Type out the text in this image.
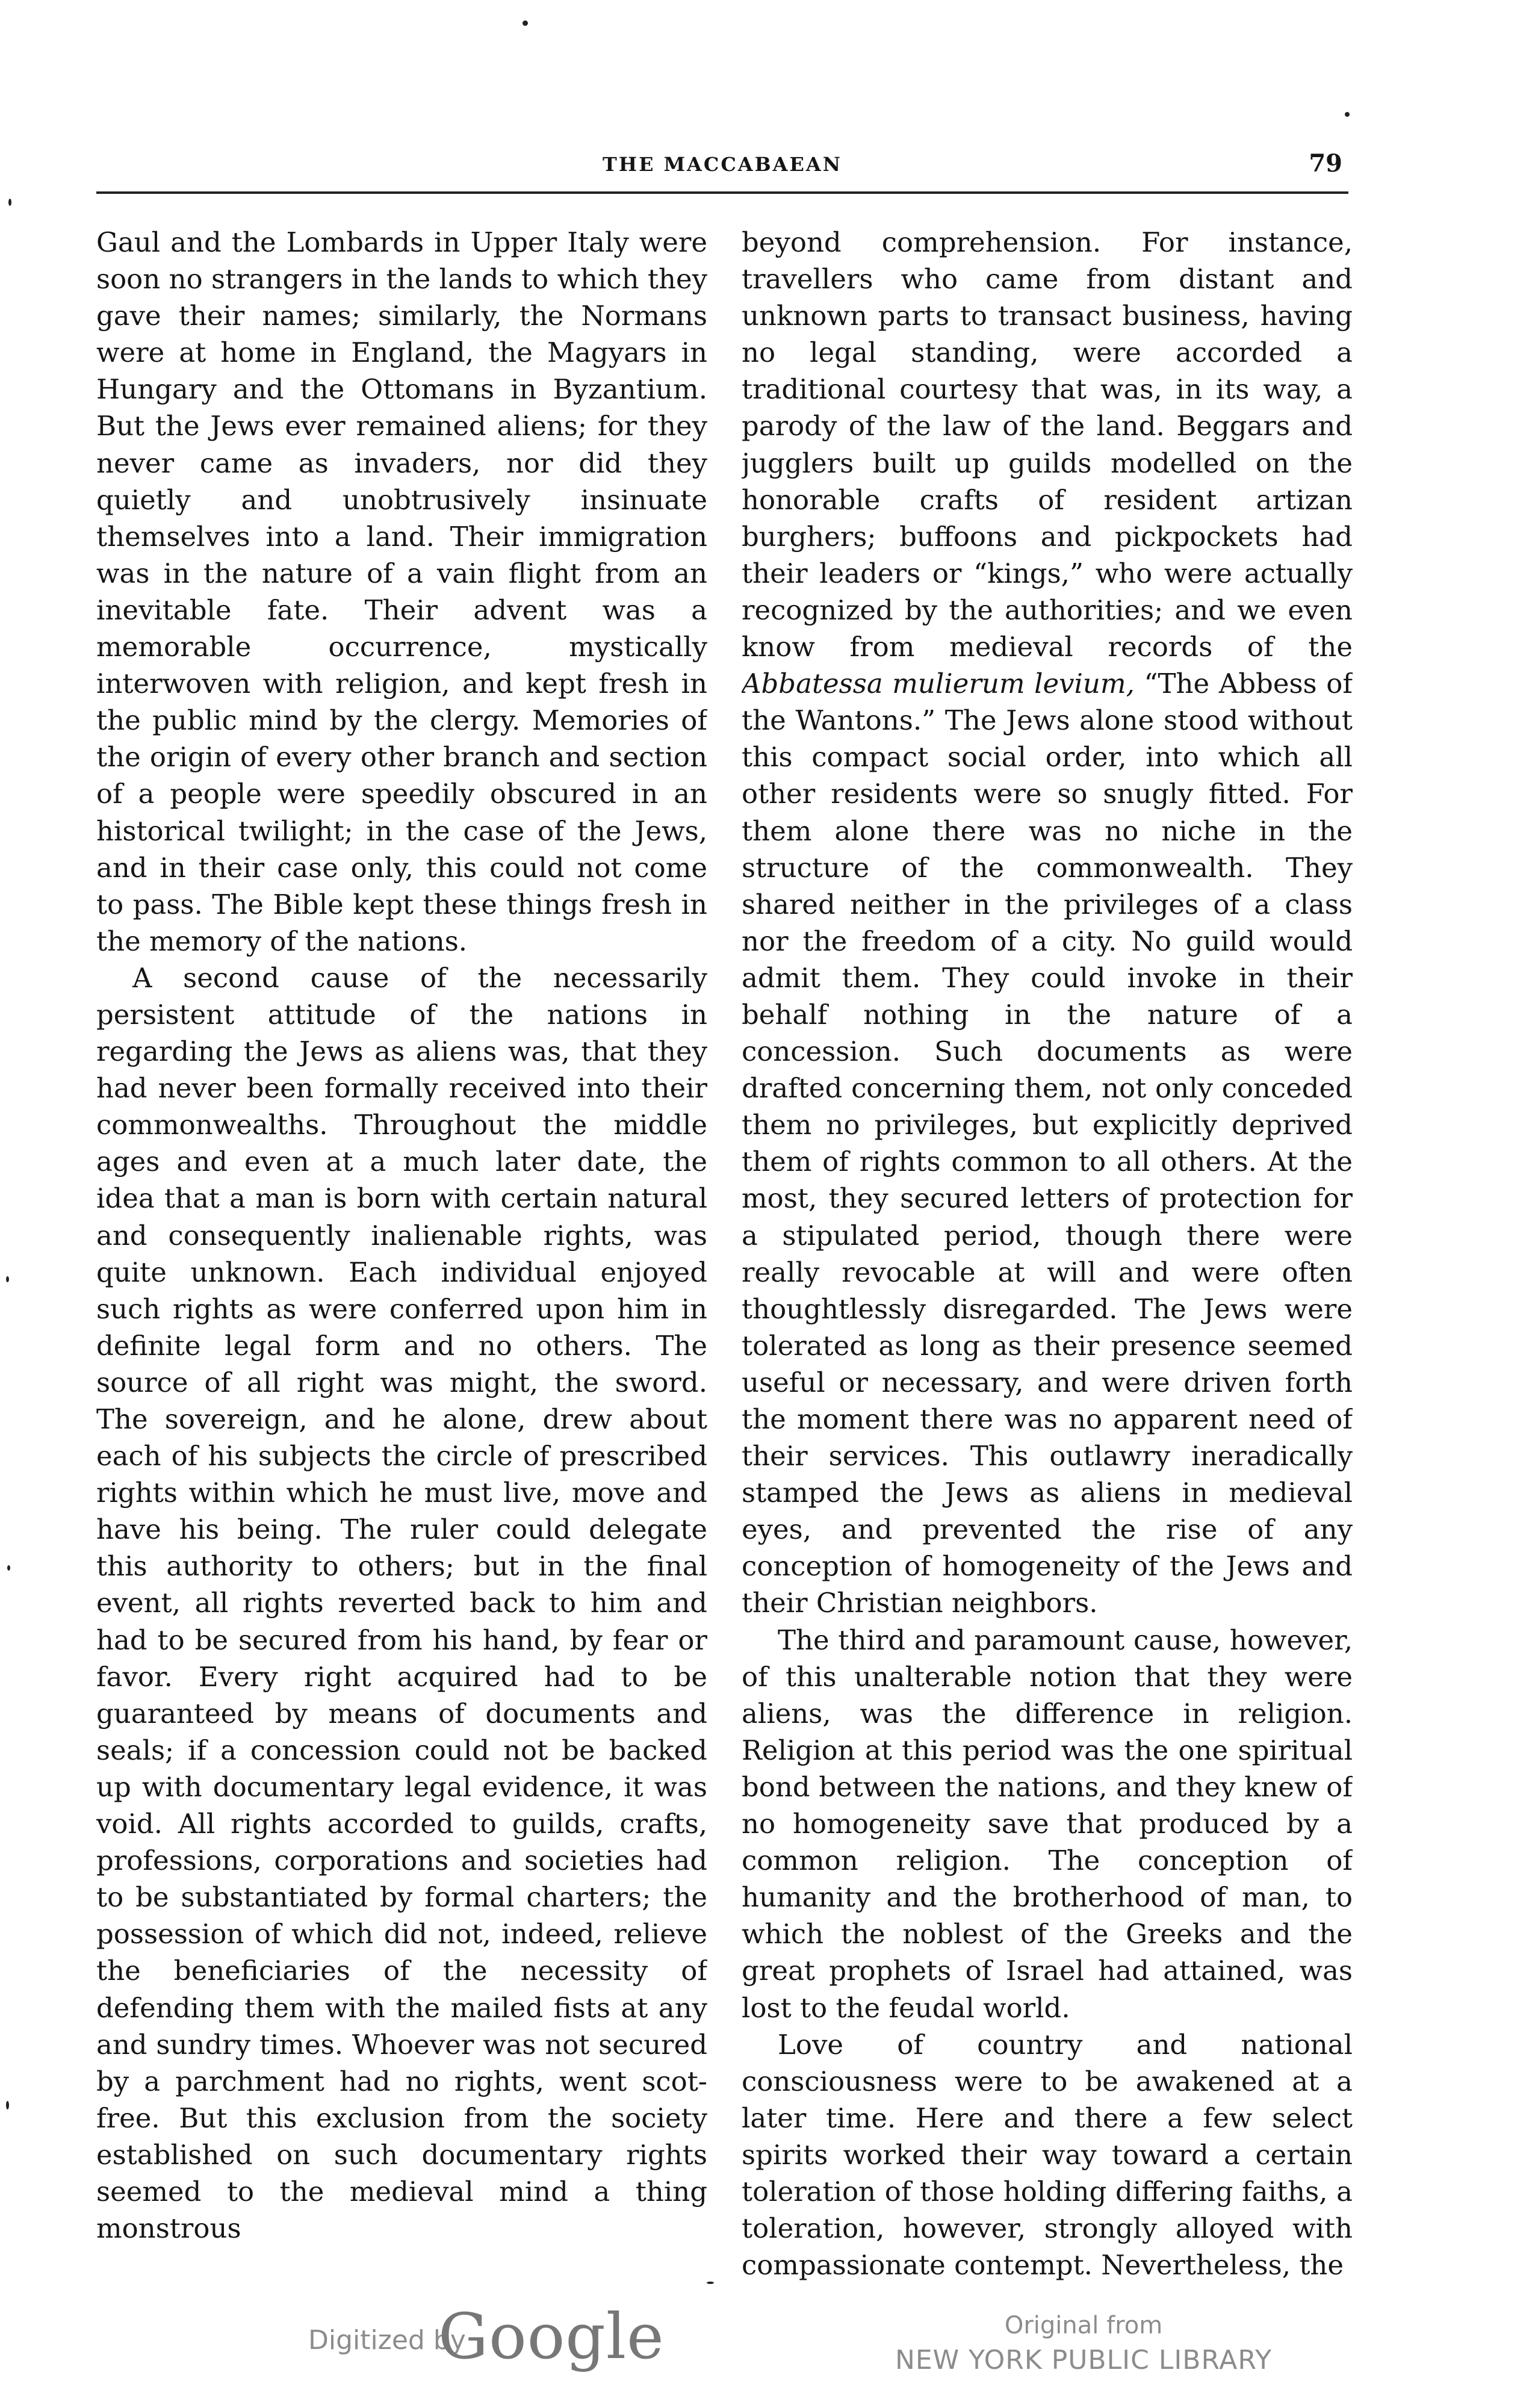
THE MACCABAEAN	79

Gaul and the Lombards in Upper Italy were soon no strangers in the lands to which they gave their names; similarly, the Normans were at home in England, the Magyars in Hungary and the Ottomans in Byzantium. But the Jews ever remained aliens; for they never came as invaders, nor did they quietly and unobtrusively insinuate themselves into a land. Their immigration was in the nature of a vain flight from an inevitable fate. Their advent was a memorable occurrence, mystically interwoven with religion, and kept fresh in the public mind by the clergy. Memories of the origin of every other branch and section of a people were speedily obscured in an historical twilight; in the case of the Jews, and in their case only, this could not come to pass. The Bible kept these things fresh in the memory of the nations.

A second cause of the necessarily persistent attitude of the nations in regarding the Jews as aliens was, that they had never been formally received into their commonwealths. Throughout the middle ages and even at a much later date, the idea that a man is born with certain natural and consequently inalienable rights, was quite unknown. Each individual enjoyed such rights as were conferred upon him in definite legal form and no others. The source of all right was might, the sword. The sovereign, and he alone, drew about each of his subjects the circle of prescribed rights within which he must live, move and have his being. The ruler could delegate this authority to others; but in the final event, all rights reverted back to him and had to be secured from his hand, by fear or favor. Every right acquired had to be guaranteed by means of documents and seals; if a concession could not be backed up with documentary legal evidence, it was void. All rights accorded to guilds, crafts, professions, corporations and societies had to be substantiated by formal charters; the possession of which did not, indeed, relieve the beneficiaries of the necessity of defending them with the mailed fists at any and sundry times. Whoever was not secured by a parchment had no rights, went scot-free. But this exclusion from the society established on such documentary rights seemed to the medieval mind a thing monstrous

beyond comprehension. For instance, travellers who came from distant and unknown parts to transact business, having no legal standing, were accorded a traditional courtesy that was, in its way, a parody of the law of the land. Beggars and jugglers built up guilds modelled on the honorable crafts of resident artizan burghers; buffoons and pickpockets had their leaders or “kings,” who were actually recognized by the authorities; and we even know from medieval records of the Abbatessa mulierum levium, “The Abbess of the Wantons.” The Jews alone stood without this compact social order, into which all other residents were so snugly fitted. For them alone there was no niche in the structure of the commonwealth. They shared neither in the privileges of a class nor the freedom of a city. No guild would admit them. They could invoke in their behalf nothing in the nature of a concession. Such documents as were drafted concerning them, not only conceded them no privileges, but explicitly deprived them of rights common to all others. At the most, they secured letters of protection for a stipulated period, though there were really revocable at will and were often thoughtlessly disregarded. The Jews were tolerated as long as their presence seemed useful or necessary, and were driven forth the moment there was no apparent need of their services. This outlawry ineradically stamped the Jews as aliens in medieval eyes, and prevented the rise of any conception of homogeneity of the Jews and their Christian neighbors.

The third and paramount cause, however, of this unalterable notion that they were aliens, was the difference in religion. Religion at this period was the one spiritual bond between the nations, and they knew of no homogeneity save that produced by a common religion. The conception of humanity and the brotherhood of man, to which the noblest of the Greeks and the great prophets of Israel had attained, was lost to the feudal world.

Love of country and national consciousness were to be awakened at a later time. Here and there a few select spirits worked their way toward a certain toleration of those holding differing faiths, a toleration, however, strongly alloyed with compassionate contempt. Nevertheless, the

Digitized by
Google	Original from
NEW YORK PUBLIC LIBRARY
